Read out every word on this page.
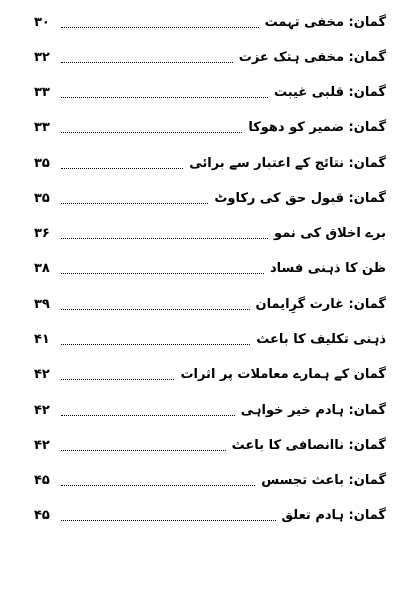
گمان: مخفی تہمت
۳۰
گمان: مخفی ہتک عزت
۳۲
گمان: قلبی غیبت
۳۳
گمان: ضمیر کو دھوکا
۳۳
گمان: نتائج کے اعتبار سے برائی
۳۵
گمان: قبول حق کی رکاوٹ
۳۵
برے اخلاق کی نمو
۳۶
ظن کا ذہنی فساد
۳۸
گمان: غارت گرِایمان
۳۹
ذہنی تکلیف کا باعث
۴۱
گمان کے ہمارے معاملات پر اثرات
۴۲
گمان: ہادم خیر خواہی
۴۲
گمان: ناانصافی کا باعث
۴۲
گمان: باعث تجسس
۴۵
گمان: ہادم تعلق
۴۵
